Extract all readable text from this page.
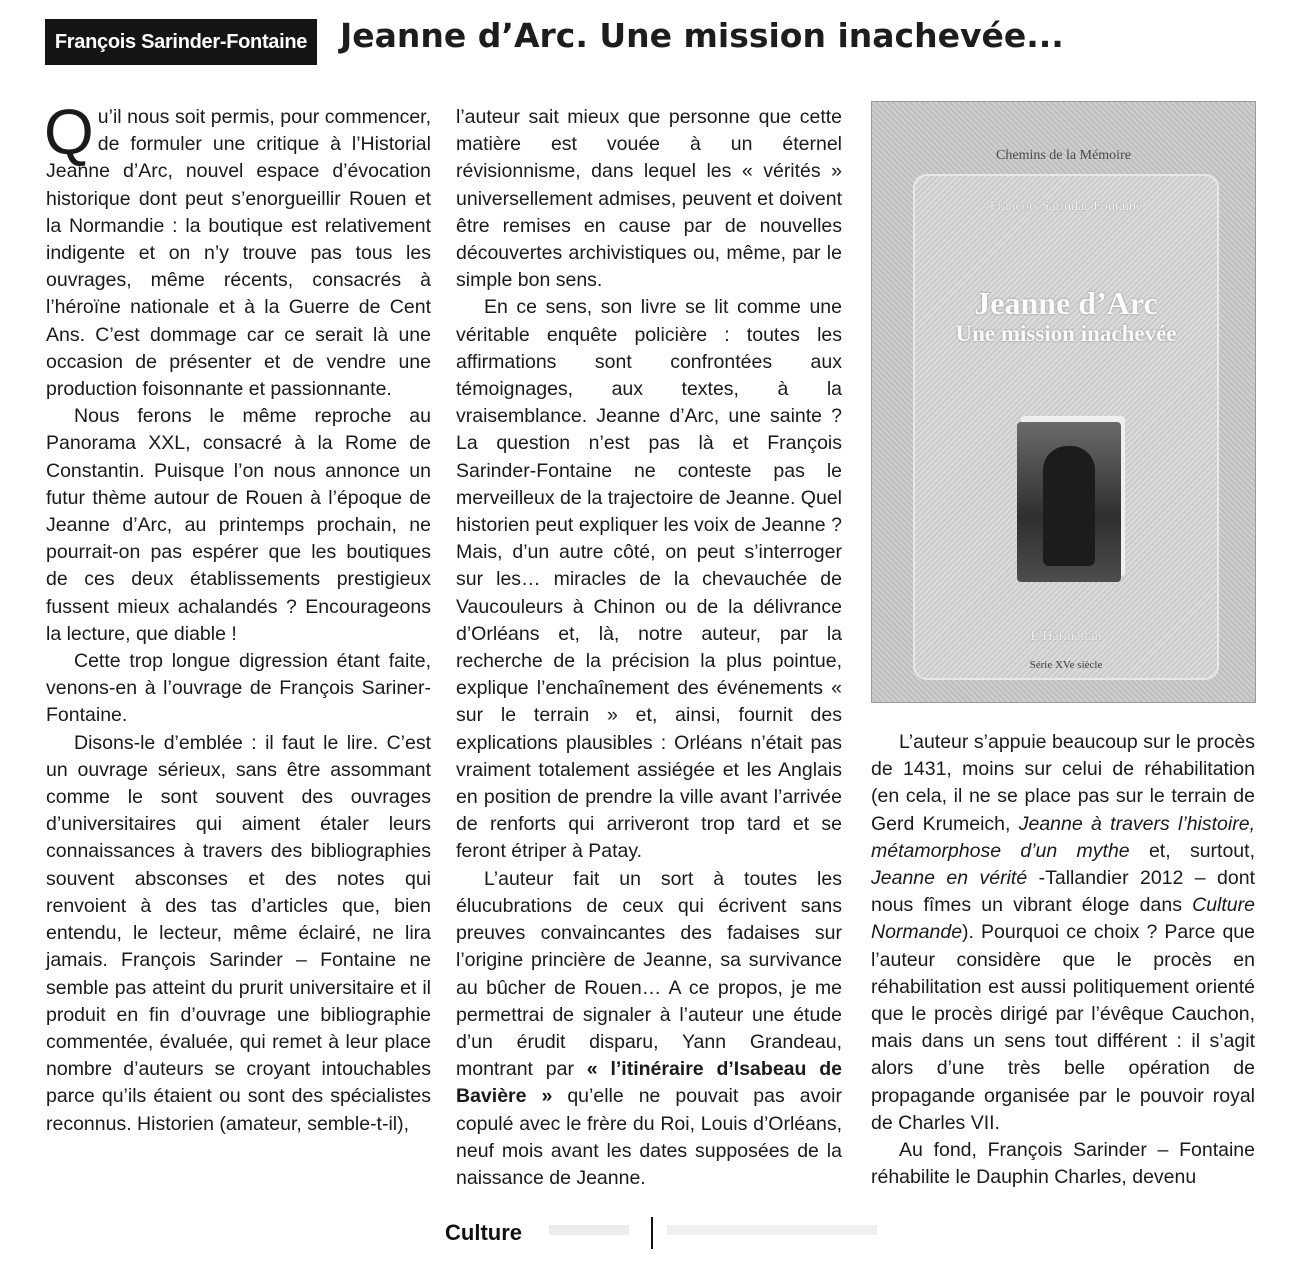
François Sarinder-Fontaine Jeanne d’Arc. Une mission inachevée...

Qu’il nous soit permis, pour commencer, de formuler une critique à l’Historial Jeanne d’Arc, nouvel espace d’évocation historique dont peut s’enorgueillir Rouen et la Normandie : la boutique est relativement indigente et on n’y trouve pas tous les ouvrages, même récents, consacrés à l’héroïne nationale et à la Guerre de Cent Ans. C’est dommage car ce serait là une occasion de présenter et de vendre une production foisonnante et passionnante.

Nous ferons le même reproche au Panorama XXL, consacré à la Rome de Constantin. Puisque l’on nous annonce un futur thème autour de Rouen à l’époque de Jeanne d’Arc, au printemps prochain, ne pourrait-on pas espérer que les boutiques de ces deux établissements prestigieux fussent mieux achalandés ? Encourageons la lecture, que diable !

Cette trop longue digression étant faite, venons-en à l’ouvrage de François Sariner-Fontaine.

Disons-le d’emblée : il faut le lire. C’est un ouvrage sérieux, sans être assommant comme le sont souvent des ouvrages d’universitaires qui aiment étaler leurs connaissances à travers des bibliographies souvent absconses et des notes qui renvoient à des tas d’articles que, bien entendu, le lecteur, même éclairé, ne lira jamais. François Sarinder – Fontaine ne semble pas atteint du prurit universitaire et il produit en fin d’ouvrage une bibliographie commentée, évaluée, qui remet à leur place nombre d’auteurs se croyant intouchables parce qu’ils étaient ou sont des spécialistes reconnus. Historien (amateur, semble-t-il),

l’auteur sait mieux que personne que cette matière est vouée à un éternel révisionnisme, dans lequel les « vérités » universellement admises, peuvent et doivent être remises en cause par de nouvelles découvertes archivistiques ou, même, par le simple bon sens.

En ce sens, son livre se lit comme une véritable enquête policière : toutes les affirmations sont confrontées aux témoignages, aux textes, à la vraisemblance. Jeanne d’Arc, une sainte ? La question n’est pas là et François Sarinder-Fontaine ne conteste pas le merveilleux de la trajectoire de Jeanne. Quel historien peut expliquer les voix de Jeanne ? Mais, d’un autre côté, on peut s’interroger sur les… miracles de la chevauchée de Vaucouleurs à Chinon ou de la délivrance d’Orléans et, là, notre auteur, par la recherche de la précision la plus pointue, explique l’enchaînement des événements « sur le terrain » et, ainsi, fournit des explications plausibles : Orléans n’était pas vraiment totalement assiégée et les Anglais en position de prendre la ville avant l’arrivée de renforts qui arriveront trop tard et se feront étriper à Patay.

L’auteur fait un sort à toutes les élucubrations de ceux qui écrivent sans preuves convaincantes des fadaises sur l’origine princière de Jeanne, sa survivance au bûcher de Rouen… A ce propos, je me permettrai de signaler à l’auteur une étude d’un érudit disparu, Yann Grandeau, montrant par « l’itinéraire d’Isabeau de Bavière » qu’elle ne pouvait pas avoir copulé avec le frère du Roi, Louis d’Orléans, neuf mois avant les dates supposées de la naissance de Jeanne.

Chemins de la Mémoire
François Sarindar-Fontaine
Jeanne d’Arc
Une mission inachevée
L’Harmattan
Série XVe siècle

L’auteur s’appuie beaucoup sur le procès de 1431, moins sur celui de réhabilitation (en cela, il ne se place pas sur le terrain de Gerd Krumeich, Jeanne à travers l’histoire, métamorphose d’un mythe et, surtout, Jeanne en vérité -Tallandier 2012 – dont nous fîmes un vibrant éloge dans Culture Normande). Pourquoi ce choix ? Parce que l’auteur considère que le procès en réhabilitation est aussi politiquement orienté que le procès dirigé par l’évêque Cauchon, mais dans un sens tout différent : il s’agit alors d’une très belle opération de propagande organisée par le pouvoir royal de Charles VII.

Au fond, François Sarinder – Fontaine réhabilite le Dauphin Charles, devenu

Culture
